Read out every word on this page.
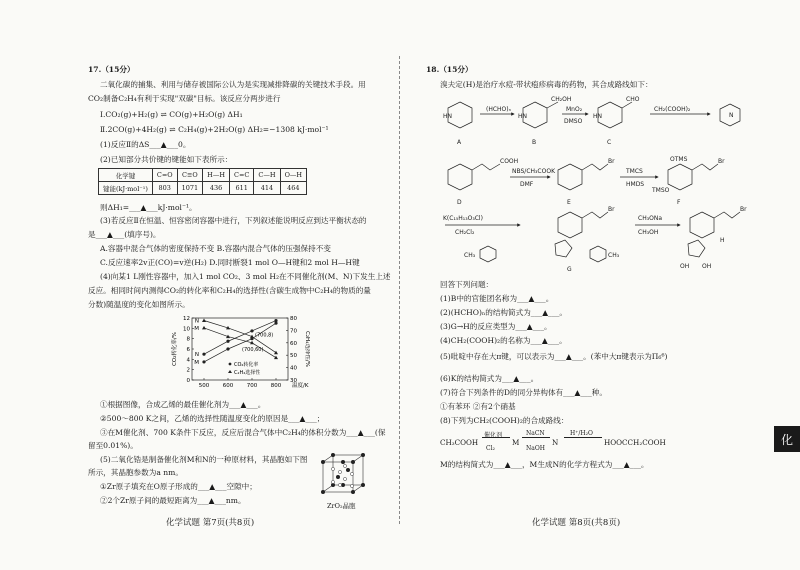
17.（15分）
二氧化碳的捕集、利用与储存被国际公认为是实现减排降碳的关键技术手段。用
CO₂制备C₂H₄有利于实现"双碳"目标。该反应分两步进行
Ⅰ.CO₂(g)+H₂(g) ⇌ CO(g)+H₂O(g) ΔH₁
Ⅱ.2CO(g)+4H₂(g) ⇌ C₂H₄(g)+2H₂O(g) ΔH₂=−1308 kJ·mol⁻¹
(1)反应Ⅱ的ΔS___▲___0。
(2)已知部分共价键的键能如下表所示：
化学键	C=O	C≡O	H—H	C=C	C—H	O—H
键能(kJ·mol⁻¹)	803	1071	436	611	414	464
则ΔH₁=___▲___kJ·mol⁻¹。
(3)若反应Ⅱ在恒温、恒容密闭容器中进行，下列叙述能说明反应到达平衡状态的
是___▲___(填序号)。
A.容器中混合气体的密度保持不变 B.容器内混合气体的压强保持不变
C.反应速率2v正(CO)=v逆(H₂) D.同时断裂1 mol O—H键和2 mol H—H键
(4)向某1 L刚性容器中，加入1 mol CO₂、3 mol H₂在不同催化剂(M、N)下发生上述
反应。相同时间内测得CO₂的转化率和C₂H₄的选择性(含碳生成物中C₂H₄的物质的量
分数)随温度的变化如图所示。
500 600 700 800
0
2
4
6
8
10
12
30
40
50
60
70
80
温度/K
CO₂转化率/%	C₂H₄选择性/%
M
N
N
M
(700,8)
(700,60)
CO₂转化率
C₂H₄选择性
①根据图像，合成乙烯的最佳催化剂为___▲___。
②500～800 K之间，乙烯的选择性随温度变化的原因是___▲___；
③在M催化剂、700 K条件下反应，反应后混合气体中C₂H₄的体积分数为___▲___(保
留至0.01%)。
(5)二氧化锆是制备催化剂M和N的一种原材料，其晶胞如下图
所示，其晶胞参数为a nm。
①Zr原子填充在O原子形成的___▲___空隙中；
②2个Zr原子间的最短距离为___▲___nm。
ZrO₂晶胞
化学试题 第7页(共8页)
18.（15分）
溴夫定(H)是治疗水痘-带状疱疹病毒的药物，其合成路线如下：
(HCHO)ₙ	MnO₂
DMSO
CH₂(COOH)₂
CH₂OH	CHO
A	B	C
HN	HN	HN	N
COOH	Br	Br
OTMS
TMSO
NBS/CH₃COOK
DMF
TMCS
HMDS
D	E	F
K(C₁₅H₁₃O₃Cl)
CH₂Cl₂
CH₃ONa
CH₃OH
CH₃	CH₃
Br	Br
OH OH
G
H
回答下列问题：
(1)B中的官能团名称为___▲___。
(2)(HCHO)ₙ的结构简式为___▲___。
(3)G→H的反应类型为___▲___。
(4)CH₂(COOH)₂的名称为___▲___。
(5)吡啶中存在大π键，可以表示为___▲___。(苯中大π键表示为Π₆⁶)
(6)K的结构简式为___▲___。
(7)符合下列条件的D的同分异构体有___▲___种。
①有苯环 ②有2个硝基
(8)下列为CH₂(COOH)₂的合成路线：
CH₃COOH
催化剂
Cl₂
M
NaCN
NaOH
N
H⁺/H₂O
HOOCCH₂COOH
M的结构简式为___▲___，M生成N的化学方程式为___▲___。
化学试题 第8页(共8页)
化
